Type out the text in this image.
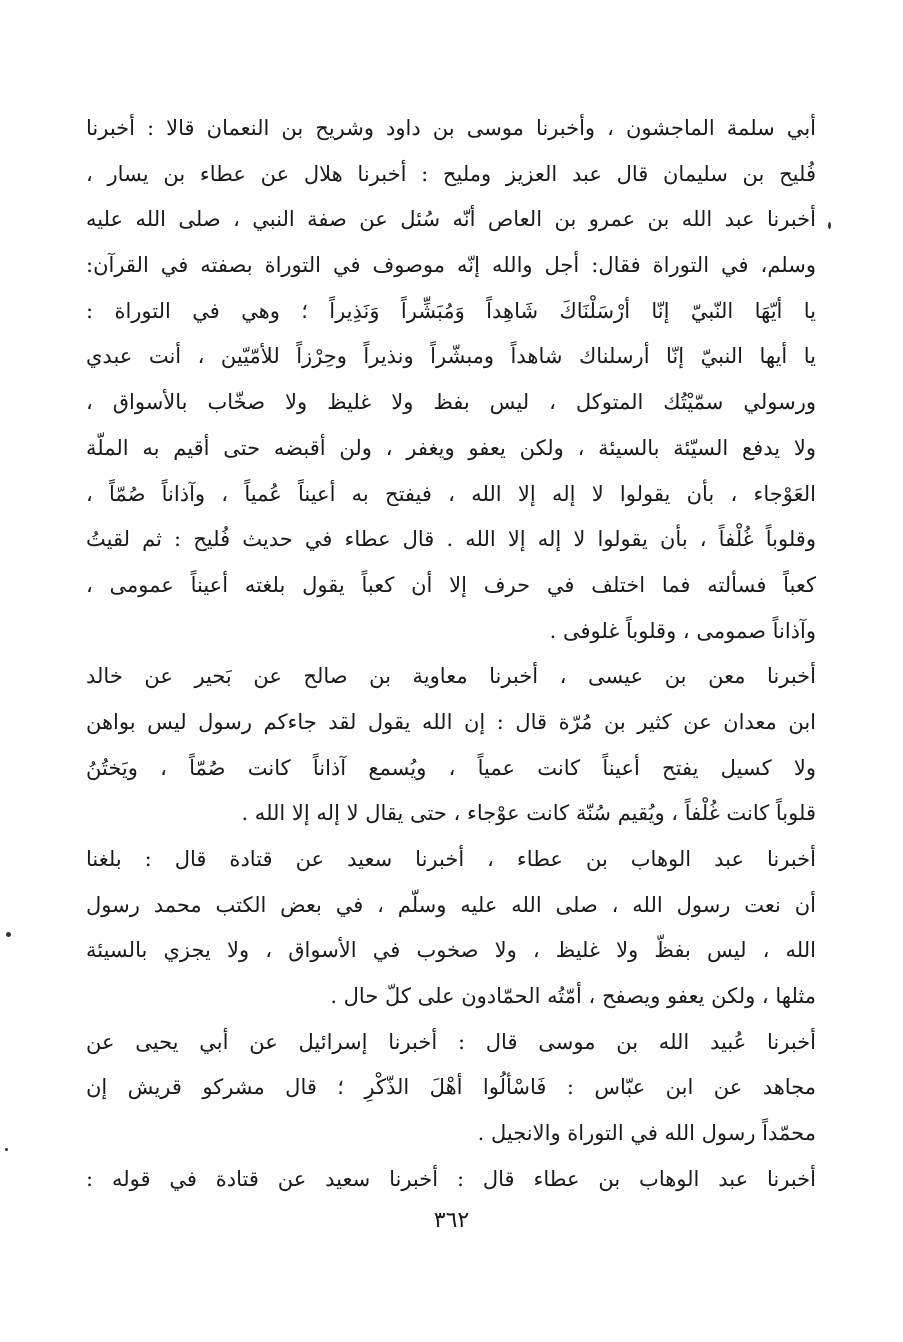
أبي سلمة الماجشون ، وأخبرنا موسى بن داود وشريح بن النعمان قالا : أخبرنا
فُليح بن سليمان قال عبد العزيز ومليح : أخبرنا هلال عن عطاء بن يسار ،
أخبرنا عبد الله بن عمرو بن العاص أنّه سُئل عن صفة النبي ، صلى الله عليه
وسلم، في التوراة فقال: أجل والله إنّه موصوف في التوراة بصفته في القرآن:
يا أيّهَا النّبيّ إنّا أرْسَلْنَاكَ شَاهِداً وَمُبَشِّراً وَنَذِيراً ؛ وهي في التوراة :
يا أيها النبيّ إنّا أرسلناك شاهداً ومبشّراً ونذيراً وحِرْزاً للأمّيّين ، أنت عبدي
ورسولي سمّيْتُك المتوكل ، ليس بفظ ولا غليظ ولا صخّاب بالأسواق ،
ولا يدفع السيّئة بالسيئة ، ولكن يعفو ويغفر ، ولن أقبضه حتى أقيم به الملّة
العَوْجاء ، بأن يقولوا لا إله إلا الله ، فيفتح به أعيناً عُمياً ، وآذاناً صُمّاً ،
وقلوباً غُلْفاً ، بأن يقولوا لا إله إلا الله . قال عطاء في حديث فُليح : ثم لقيتُ
كعباً فسألته فما اختلف في حرف إلا أن كعباً يقول بلغته أعيناً عمومى ،
وآذاناً صمومى ، وقلوباً غلوفى .
أخبرنا معن بن عيسى ، أخبرنا معاوية بن صالح عن بَحير عن خالد
ابن معدان عن كثير بن مُرّة قال : إن الله يقول لقد جاءكم رسول ليس بواهن
ولا كسيل يفتح أعيناً كانت عمياً ، ويُسمع آذاناً كانت صُمّاً ، ويَختُنُ
قلوباً كانت غُلْفاً ، ويُقيم سُنّة كانت عوْجاء ، حتى يقال لا إله إلا الله .
أخبرنا عبد الوهاب بن عطاء ، أخبرنا سعيد عن قتادة قال : بلغنا
أن نعت رسول الله ، صلى الله عليه وسلّم ، في بعض الكتب محمد رسول
الله ، ليس بفظّ ولا غليظ ، ولا صخوب في الأسواق ، ولا يجزي بالسيئة
مثلها ، ولكن يعفو ويصفح ، أمّتُه الحمّادون على كلّ حال .
أخبرنا عُبيد الله بن موسى قال : أخبرنا إسرائيل عن أبي يحيى عن
مجاهد عن ابن عبّاس : فَاسْألُوا أهْلَ الذّكْرِ ؛ قال مشركو قريش إن
محمّداً رسول الله في التوراة والانجيل .
أخبرنا عبد الوهاب بن عطاء قال : أخبرنا سعيد عن قتادة في قوله :
٣٦٢
